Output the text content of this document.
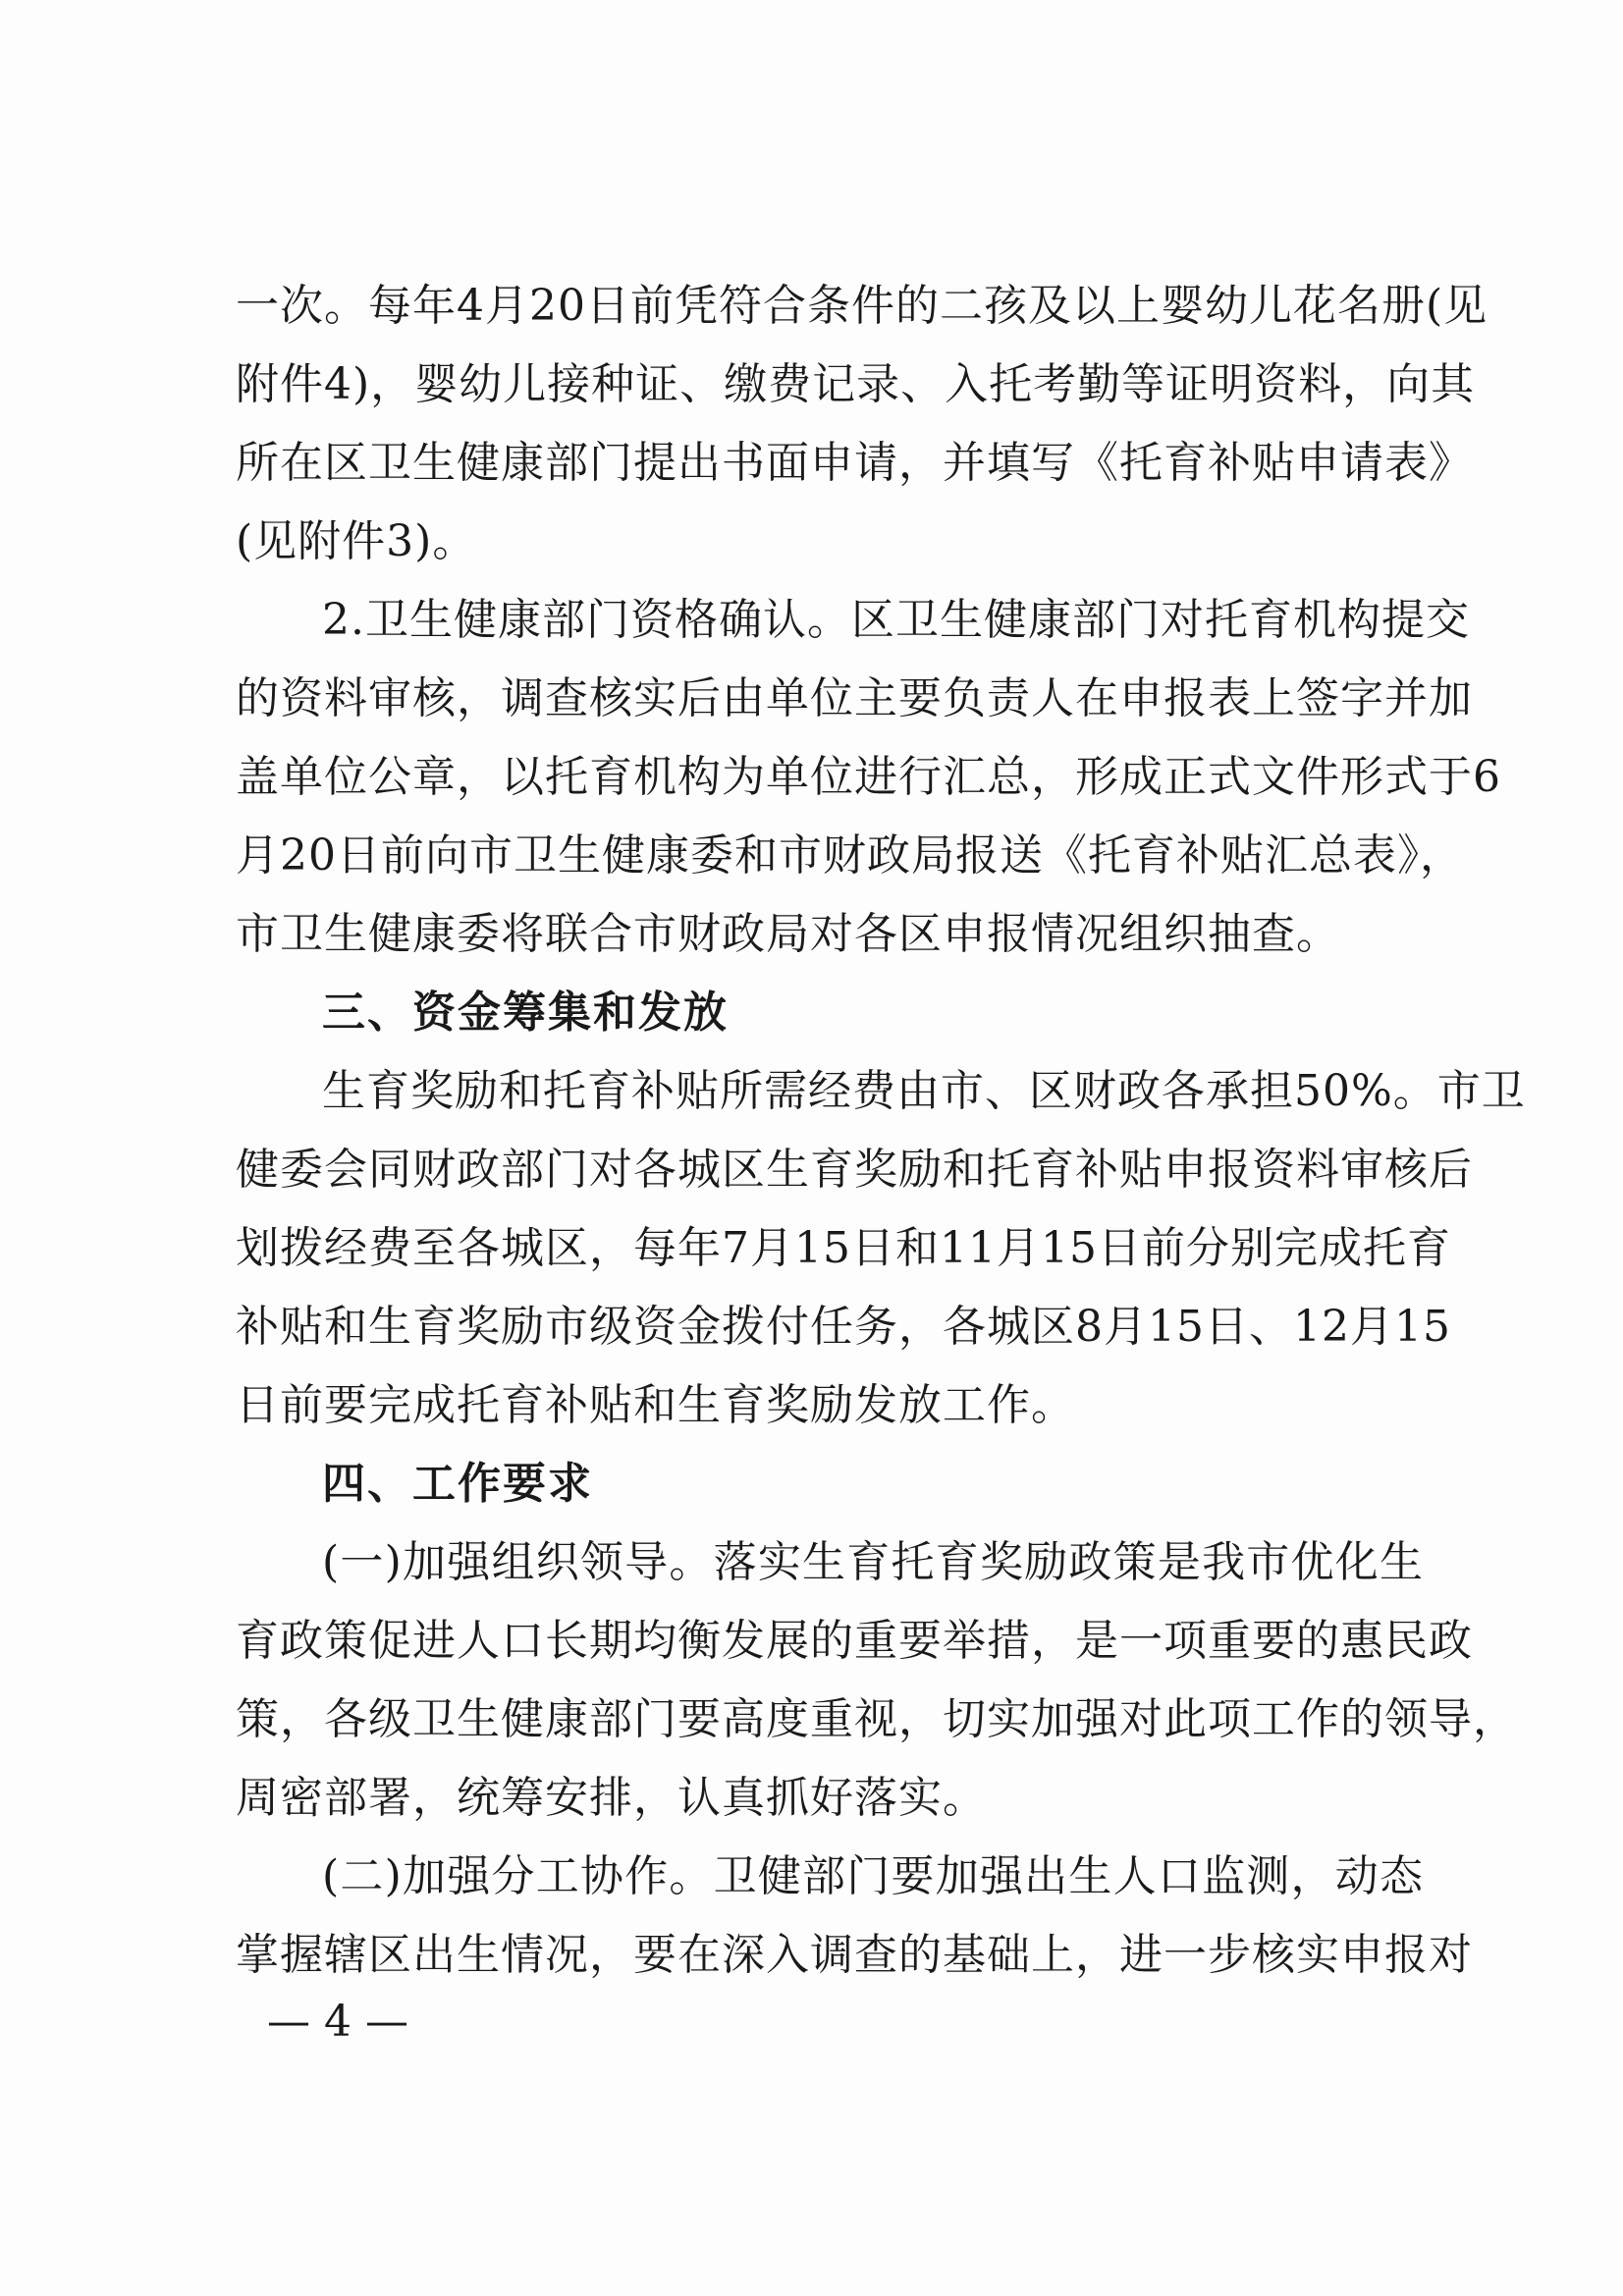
一次。每年4月20日前凭符合条件的二孩及以上婴幼儿花名册(见
附件4)，婴幼儿接种证、缴费记录、入托考勤等证明资料，向其
所在区卫生健康部门提出书面申请，并填写《托育补贴申请表》
(见附件3)。
2.卫生健康部门资格确认。区卫生健康部门对托育机构提交
的资料审核，调查核实后由单位主要负责人在申报表上签字并加
盖单位公章，以托育机构为单位进行汇总，形成正式文件形式于6
月20日前向市卫生健康委和市财政局报送《托育补贴汇总表》，
市卫生健康委将联合市财政局对各区申报情况组织抽查。
三、资金筹集和发放
生育奖励和托育补贴所需经费由市、区财政各承担50%。市卫
健委会同财政部门对各城区生育奖励和托育补贴申报资料审核后
划拨经费至各城区，每年7月15日和11月15日前分别完成托育
补贴和生育奖励市级资金拨付任务，各城区8月15日、12月15
日前要完成托育补贴和生育奖励发放工作。
四、工作要求
(一)加强组织领导。落实生育托育奖励政策是我市优化生
育政策促进人口长期均衡发展的重要举措，是一项重要的惠民政
策，各级卫生健康部门要高度重视，切实加强对此项工作的领导，
周密部署，统筹安排，认真抓好落实。
(二)加强分工协作。卫健部门要加强出生人口监测，动态
掌握辖区出生情况，要在深入调查的基础上，进一步核实申报对
— 4 —
